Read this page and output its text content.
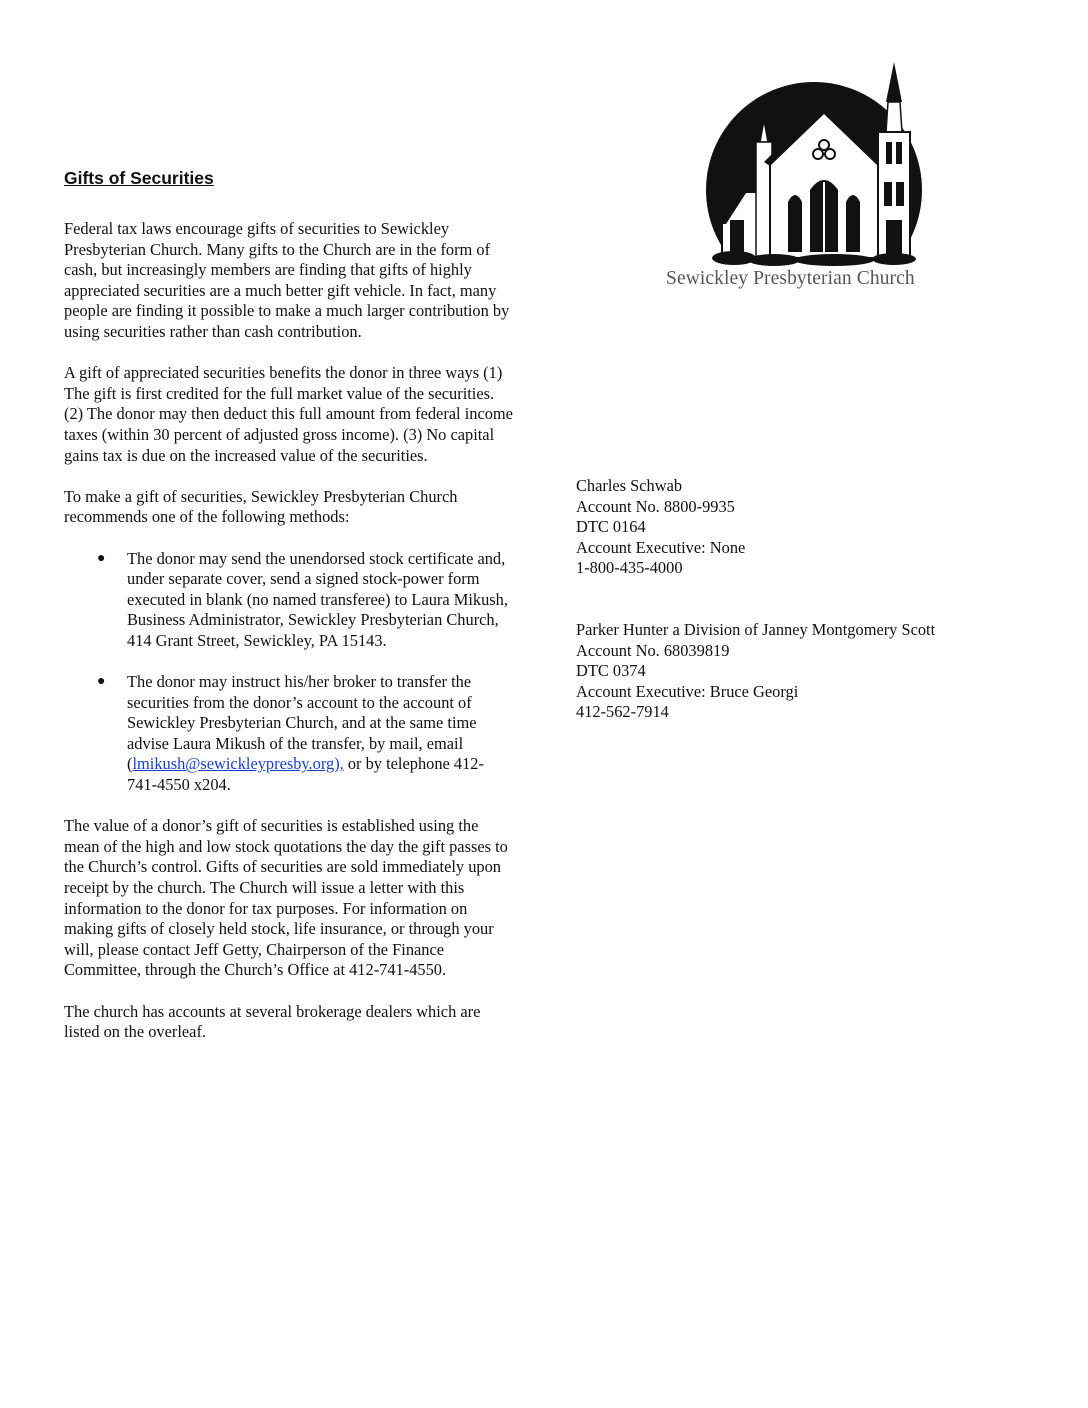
Gifts of Securities
Federal tax laws encourage gifts of securities to Sewickley Presbyterian Church. Many gifts to the Church are in the form of cash, but increasingly members are finding that gifts of highly appreciated securities are a much better gift vehicle. In fact, many people are finding it possible to make a much larger contribution by using securities rather than cash contribution.
A gift of appreciated securities benefits the donor in three ways (1) The gift is first credited for the full market value of the securities. (2) The donor may then deduct this full amount from federal income taxes (within 30 percent of adjusted gross income). (3) No capital gains tax is due on the increased value of the securities.
To make a gift of securities, Sewickley Presbyterian Church recommends one of the following methods:
● The donor may send the unendorsed stock certificate and, under separate cover, send a signed stock-power form executed in blank (no named transferee) to Laura Mikush, Business Administrator, Sewickley Presbyterian Church, 414 Grant Street, Sewickley, PA 15143.
● The donor may instruct his/her broker to transfer the securities from the donor’s account to the account of Sewickley Presbyterian Church, and at the same time advise Laura Mikush of the transfer, by mail, email (lmikush@sewickleypresby.org), or by telephone 412-741-4550 x204.
The value of a donor’s gift of securities is established using the mean of the high and low stock quotations the day the gift passes to the Church’s control. Gifts of securities are sold immediately upon receipt by the church. The Church will issue a letter with this information to the donor for tax purposes. For information on making gifts of closely held stock, life insurance, or through your will, please contact Jeff Getty, Chairperson of the Finance Committee, through the Church’s Office at 412-741-4550.
The church has accounts at several brokerage dealers which are listed on the overleaf.
Sewickley Presbyterian Church
Charles Schwab
Account No. 8800-9935
DTC 0164
Account Executive: None
1-800-435-4000
Parker Hunter a Division of Janney Montgomery Scott
Account No. 68039819
DTC 0374
Account Executive: Bruce Georgi
412-562-7914
